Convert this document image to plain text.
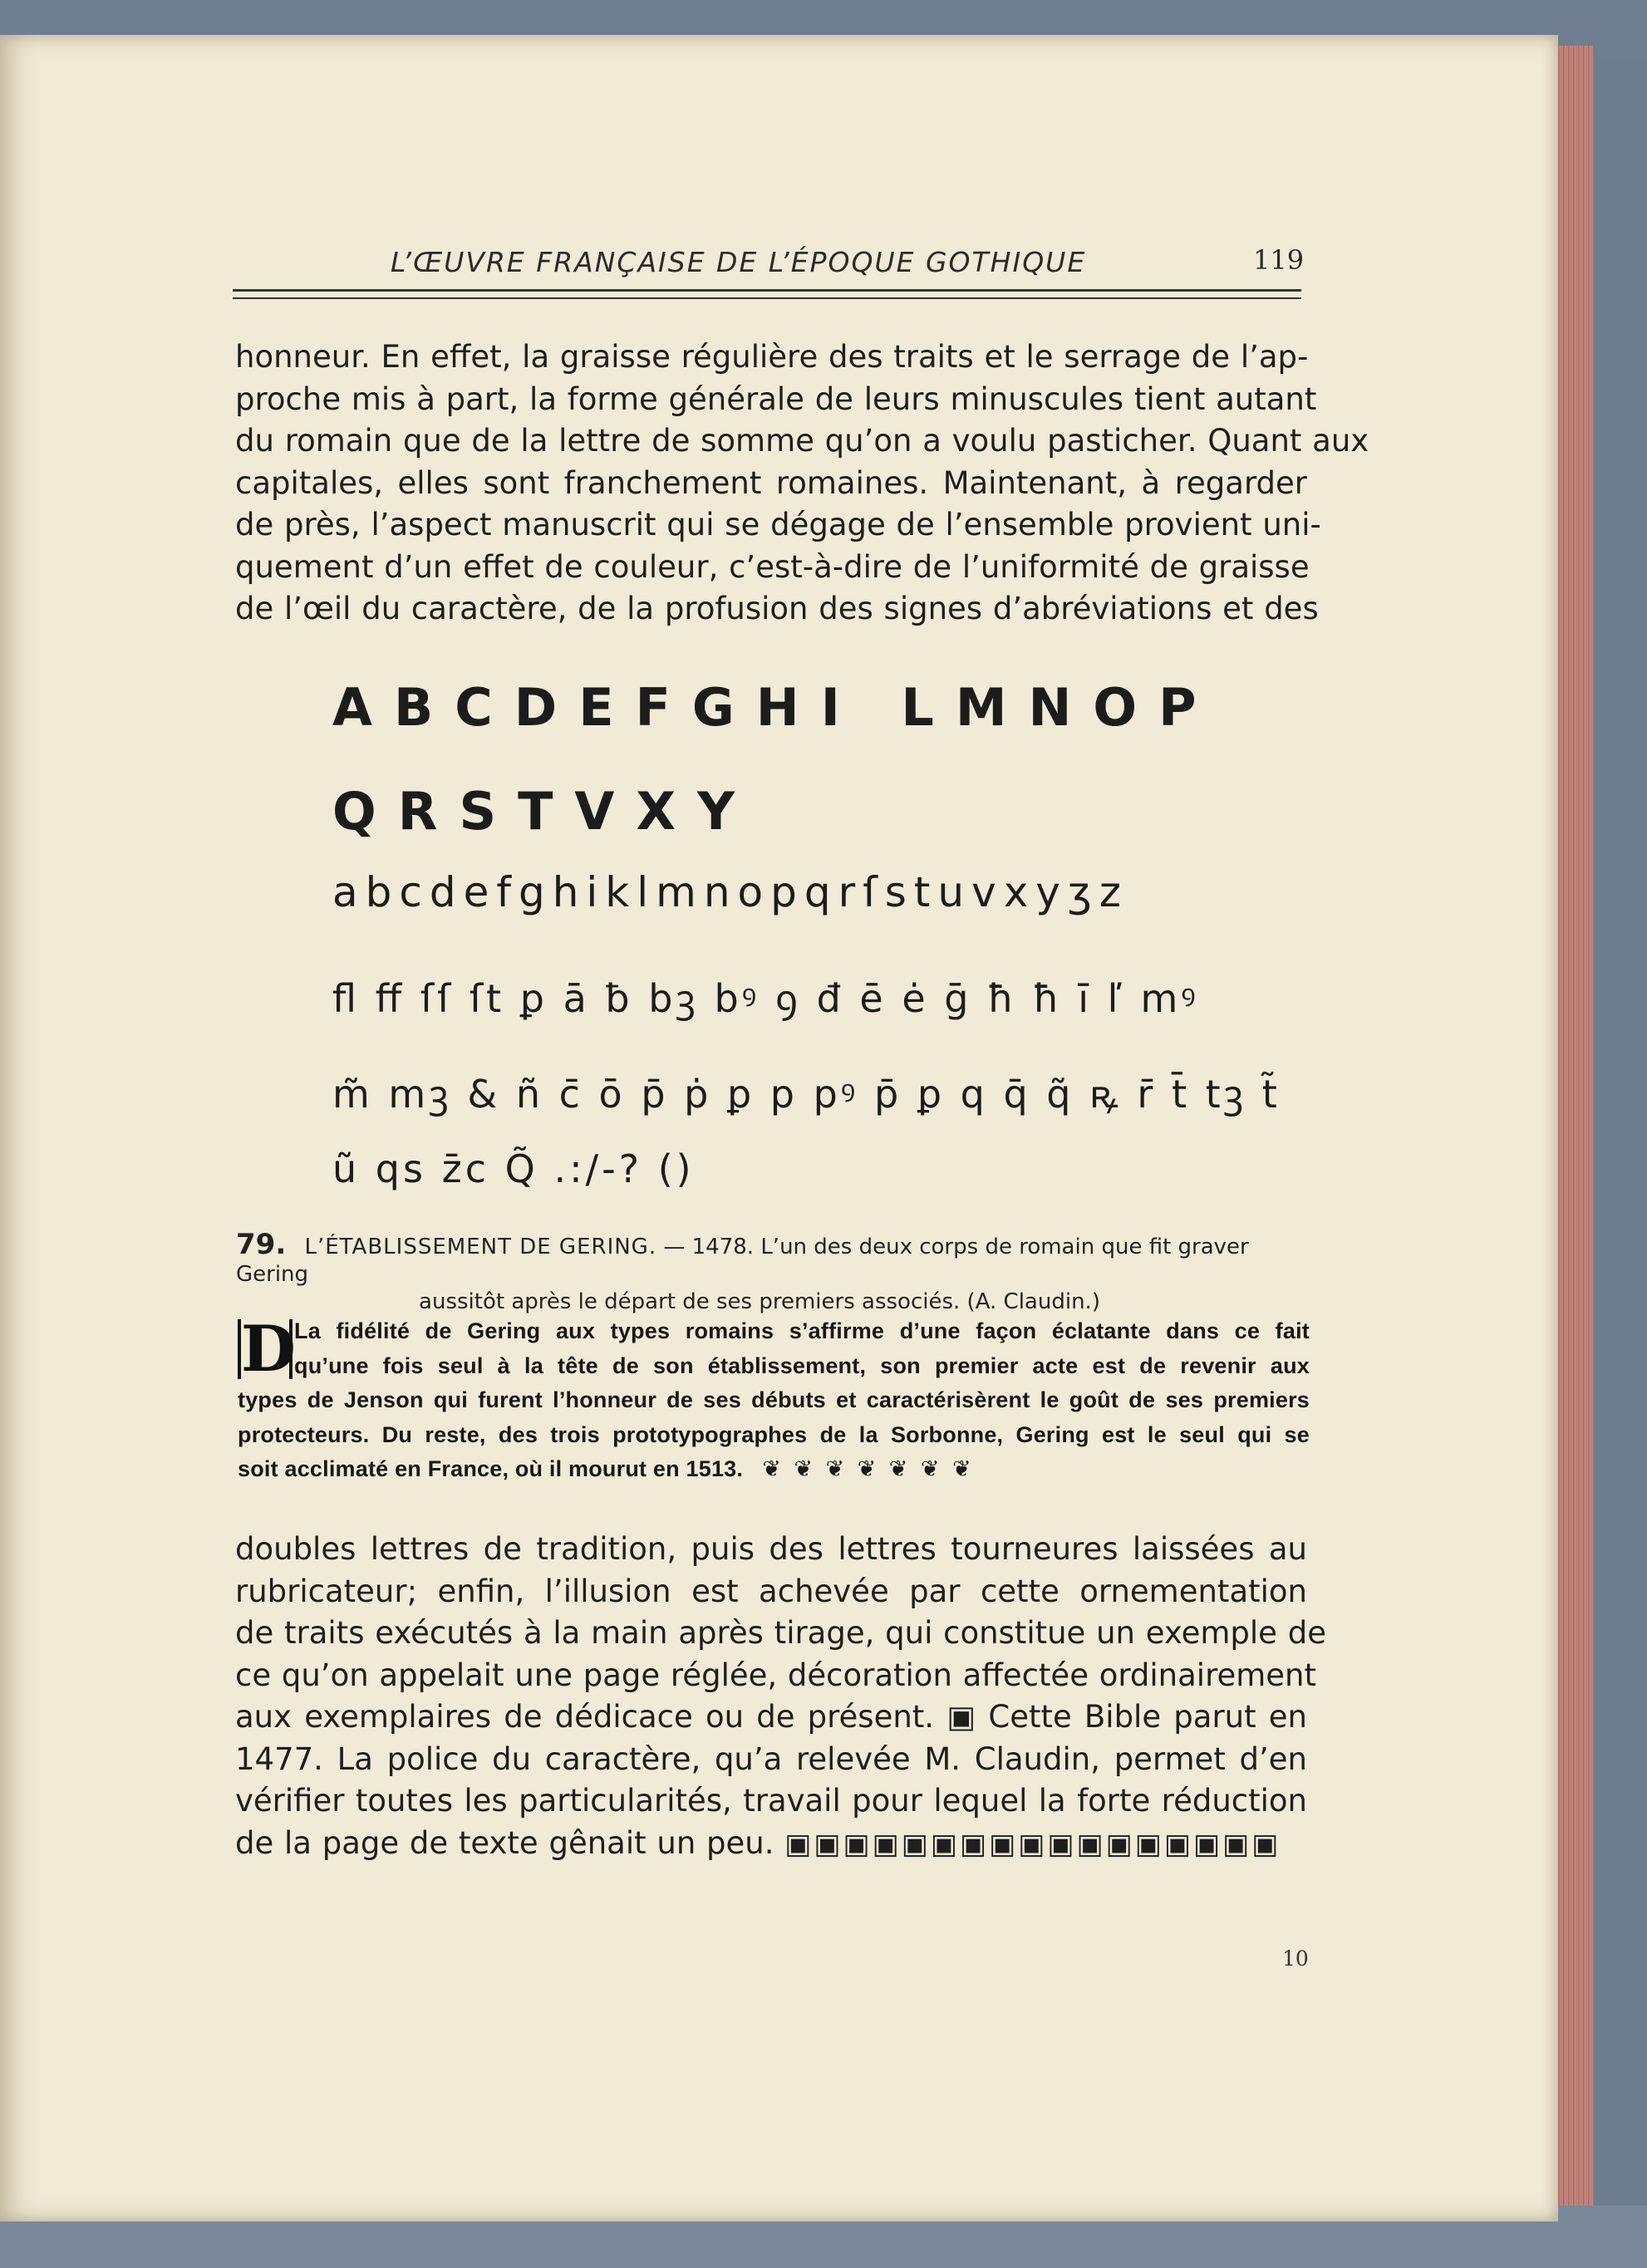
L’ŒUVRE FRANÇAISE DE L’ÉPOQUE GOTHIQUE	119
honneur. En effet, la graisse régulière des traits et le serrage de l’ap-
proche mis à part, la forme générale de leurs minuscules tient autant
du romain que de la lettre de somme qu’on a voulu pasticher. Quant aux
capitales, elles sont franchement romaines. Maintenant, à regarder
de près, l’aspect manuscrit qui se dégage de l’ensemble provient uni-
quement d’un effet de couleur, c’est-à-dire de l’uniformité de graisse
de l’œil du caractère, de la profusion des signes d’abréviations et des
ABCDEFGHI LMNOP
QRSTVXY
abcdefghiklmnopqrſstuvxyʒz
ﬂ ﬀ ſſ ſt ꝑ ā ƀ bꝫ bꝰ ꝯ đ ē ė ḡ ħ ħ ī ľ mꝰ
m̃ mꝫ & ñ c̄ ō p̄ ṗ ꝑ p pꝰ p̄ ꝑ q q̄ q̃ ꝶ r̄ t̄ tꝫ t̃
ũ qs z̄c Q̃ .:/-? ()
79. L’ÉTABLISSEMENT DE GERING. — 1478. L’un des deux corps de romain que fit graver Gering
aussitôt après le départ de ses premiers associés. (A. Claudin.)
D
La fidélité de Gering aux types romains s’affirme d’une façon éclatante dans ce fait
qu’une fois seul à la tête de son établissement, son premier acte est de revenir aux
types de Jenson qui furent l’honneur de ses débuts et caractérisèrent le goût de ses premiers
protecteurs. Du reste, des trois prototypographes de la Sorbonne, Gering est le seul qui se
soit acclimaté en France, où il mourut en 1513. ❦ ❦ ❦ ❦ ❦ ❦ ❦
doubles lettres de tradition, puis des lettres tourneures laissées au
rubricateur; enfin, l’illusion est achevée par cette ornementation
de traits exécutés à la main après tirage, qui constitue un exemple de
ce qu’on appelait une page réglée, décoration affectée ordinairement
aux exemplaires de dédicace ou de présent. ▣ Cette Bible parut en
1477. La police du caractère, qu’a relevée M. Claudin, permet d’en
vérifier toutes les particularités, travail pour lequel la forte réduction
de la page de texte gênait un peu. ▣▣▣▣▣▣▣▣▣▣▣▣▣▣▣▣▣
10
